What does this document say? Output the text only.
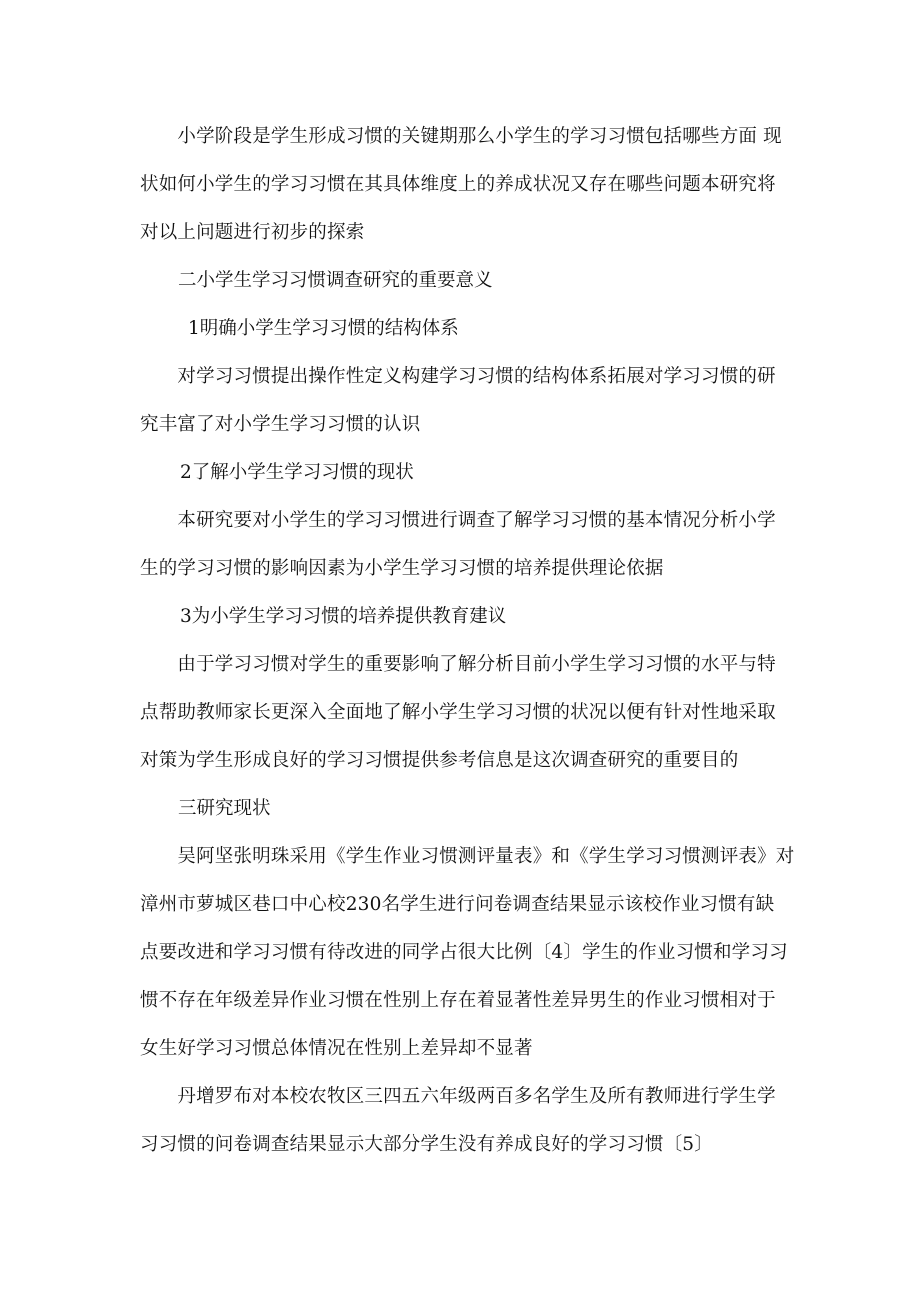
　　小学阶段是学生形成习惯的关键期那么小学生的学习习惯包括哪些方面 现
状如何小学生的学习习惯在其具体维度上的养成状况又存在哪些问题本研究将
对以上问题进行初步的探索

二小学生学习习惯调查研究的重要意义

1明确小学生学习习惯的结构体系

　　对学习习惯提出操作性定义构建学习习惯的结构体系拓展对学习习惯的研
究丰富了对小学生学习习惯的认识

2了解小学生学习习惯的现状

　　本研究要对小学生的学习习惯进行调查了解学习习惯的基本情况分析小学
生的学习习惯的影响因素为小学生学习习惯的培养提供理论依据

3为小学生学习习惯的培养提供教育建议

　　由于学习习惯对学生的重要影响了解分析目前小学生学习习惯的水平与特
点帮助教师家长更深入全面地了解小学生学习习惯的状况以便有针对性地采取
对策为学生形成良好的学习习惯提供参考信息是这次调查研究的重要目的

三研究现状

　　吴阿坚张明珠采用《学生作业习惯测评量表》和《学生学习习惯测评表》对
漳州市萝城区巷口中心校230名学生进行问卷调查结果显示该校作业习惯有缺
点要改进和学习习惯有待改进的同学占很大比例〔4〕学生的作业习惯和学习习
惯不存在年级差异作业习惯在性别上存在着显著性差异男生的作业习惯相对于
女生好学习习惯总体情况在性别上差异却不显著

　　丹增罗布对本校农牧区三四五六年级两百多名学生及所有教师进行学生学
习习惯的问卷调查结果显示大部分学生没有养成良好的学习习惯〔5〕
